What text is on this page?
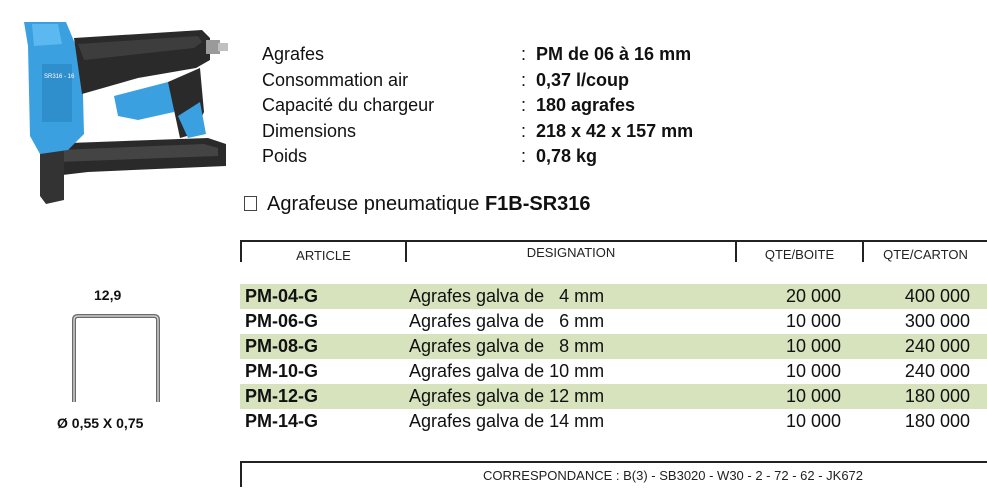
SR316 - 16
Agrafes	: PM de 06 à 16 mm
Consommation air	: 0,37 l/coup
Capacité du chargeur	: 180 agrafes
Dimensions	: 218 x 42 x 157 mm
Poids	: 0,78 kg
Agrafeuse pneumatique F1B-SR316
ARTICLE	DESIGNATION	QTE/BOITE	QTE/CARTON
PM-04-G	Agrafes galva de   4 mm	20 000	400 000
PM-06-G	Agrafes galva de   6 mm	10 000	300 000
PM-08-G	Agrafes galva de   8 mm	10 000	240 000
PM-10-G	Agrafes galva de 10 mm	10 000	240 000
PM-12-G	Agrafes galva de 12 mm	10 000	180 000
PM-14-G	Agrafes galva de 14 mm	10 000	180 000
12,9
Ø 0,55 X 0,75
CORRESPONDANCE : B(3) - SB3020 - W30 - 2 - 72 - 62 - JK672
